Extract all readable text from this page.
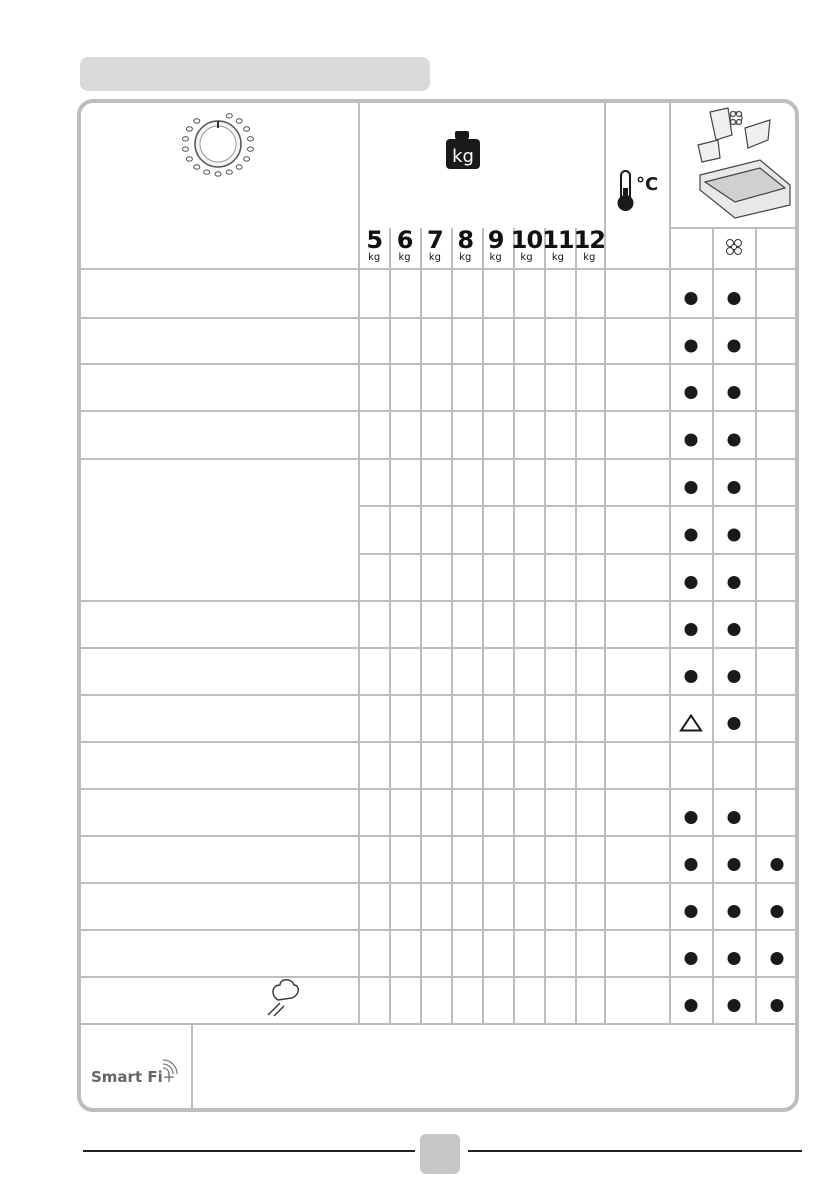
kg
°C
5
kg
6
kg
7
kg
8
kg
9
kg
10
kg
11
kg
12
kg
Smart Fi+
